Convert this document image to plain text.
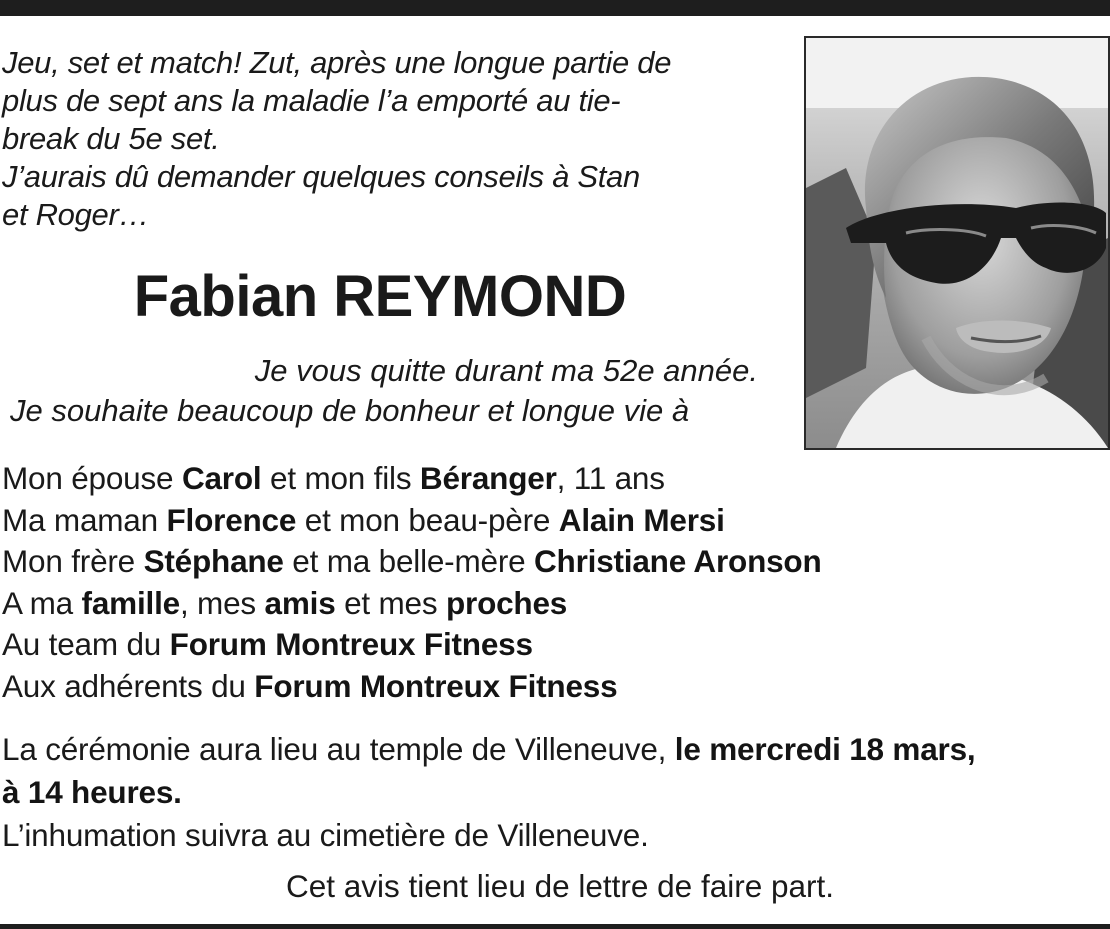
Jeu, set et match! Zut, après une longue partie de
plus de sept ans la maladie l’a emporté au tie-
break du 5e set.
J’aurais dû demander quelques conseils à Stan
et Roger…
Fabian REYMOND
Je vous quitte durant ma 52e année.
Je souhaite beaucoup de bonheur et longue vie à
Mon épouse Carol et mon fils Béranger, 11 ans
Ma maman Florence et mon beau-père Alain Mersi
Mon frère Stéphane et ma belle-mère Christiane Aronson
A ma famille, mes amis et mes proches
Au team du Forum Montreux Fitness
Aux adhérents du Forum Montreux Fitness
La cérémonie aura lieu au temple de Villeneuve, le mercredi 18 mars,
à 14 heures.
L’inhumation suivra au cimetière de Villeneuve.
Cet avis tient lieu de lettre de faire part.
